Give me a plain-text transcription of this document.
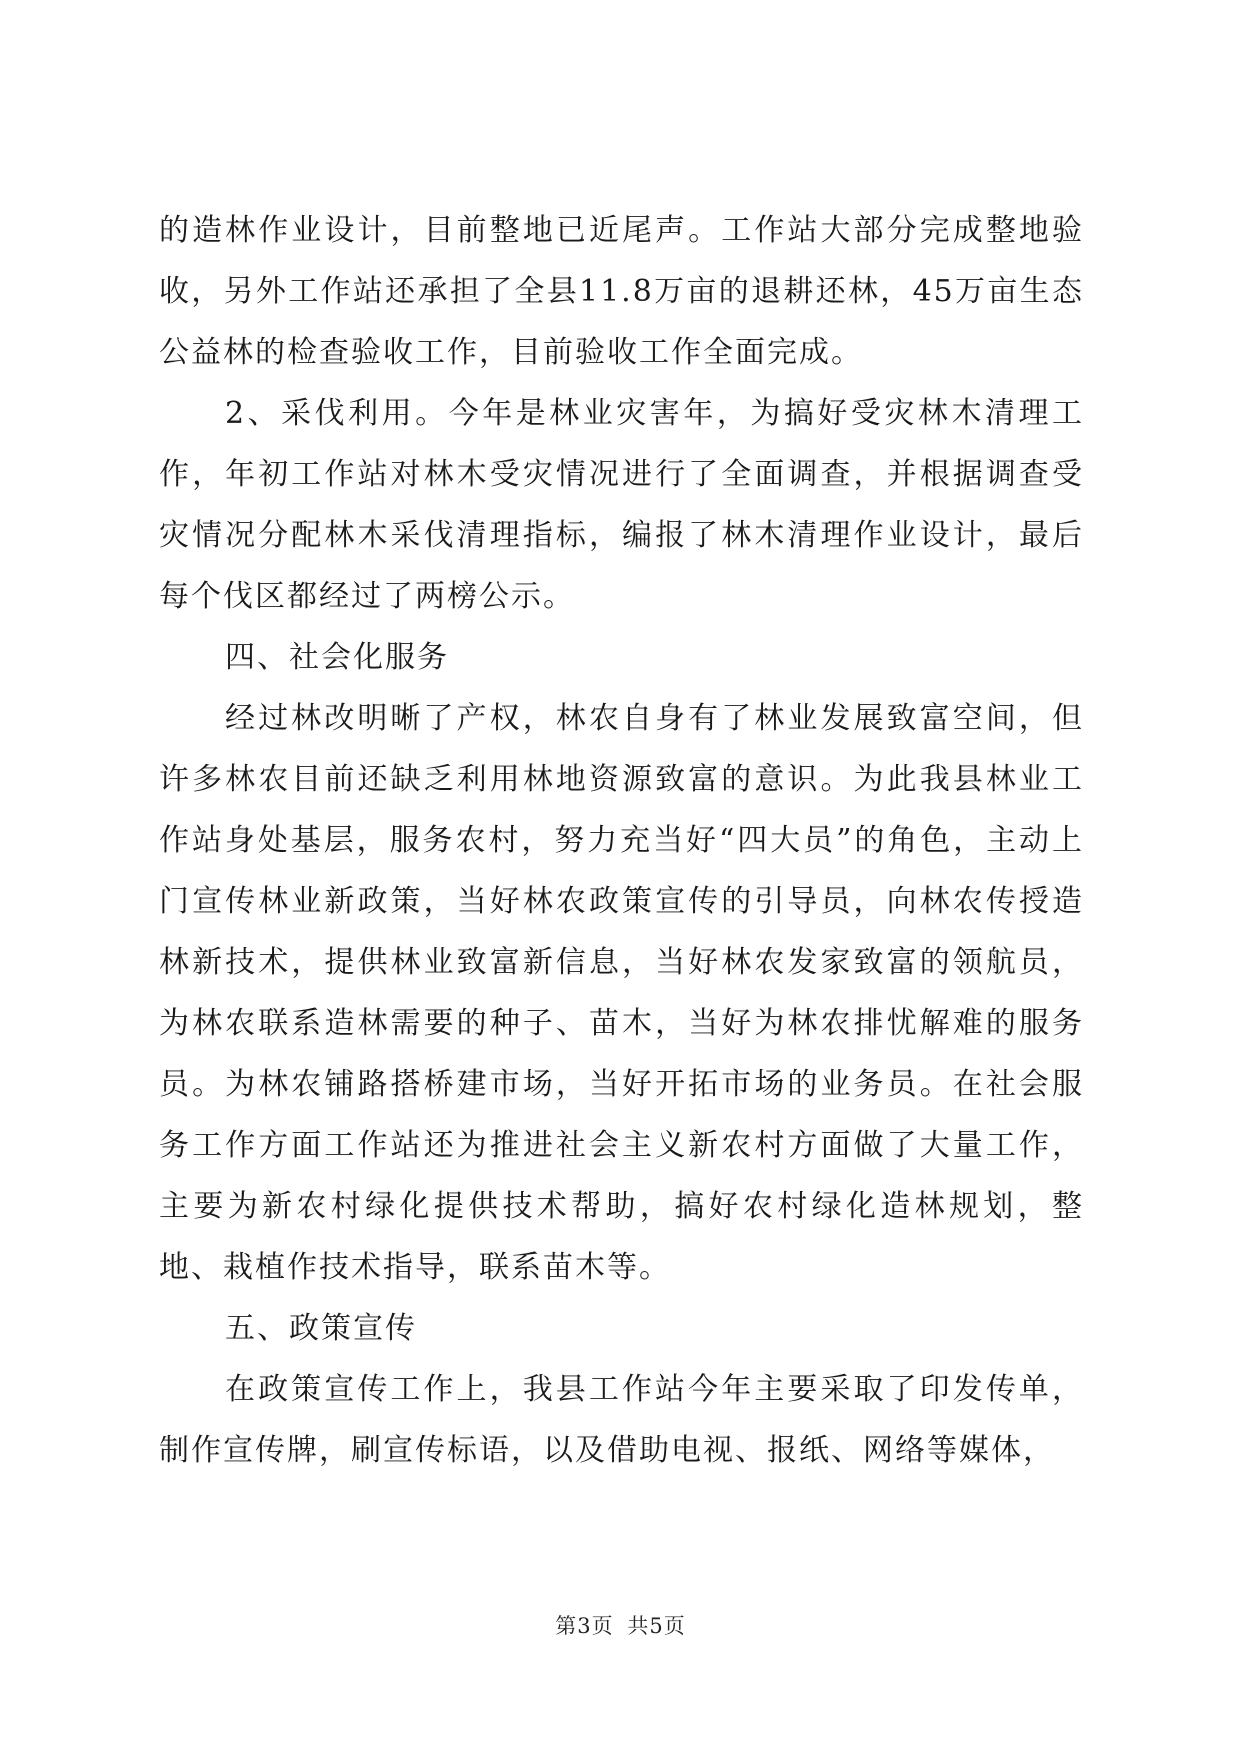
的造林作业设计，目前整地已近尾声。工作站大部分完成整地验收，另外工作站还承担了全县11.8万亩的退耕还林，45万亩生态公益林的检查验收工作，目前验收工作全面完成。

2、采伐利用。今年是林业灾害年，为搞好受灾林木清理工作，年初工作站对林木受灾情况进行了全面调查，并根据调查受灾情况分配林木采伐清理指标，编报了林木清理作业设计，最后每个伐区都经过了两榜公示。

四、社会化服务

经过林改明晰了产权，林农自身有了林业发展致富空间，但许多林农目前还缺乏利用林地资源致富的意识。为此我县林业工作站身处基层，服务农村，努力充当好“四大员”的角色，主动上门宣传林业新政策，当好林农政策宣传的引导员，向林农传授造林新技术，提供林业致富新信息，当好林农发家致富的领航员，为林农联系造林需要的种子、苗木，当好为林农排忧解难的服务员。为林农铺路搭桥建市场，当好开拓市场的业务员。在社会服务工作方面工作站还为推进社会主义新农村方面做了大量工作，主要为新农村绿化提供技术帮助，搞好农村绿化造林规划，整地、栽植作技术指导，联系苗木等。

五、政策宣传

在政策宣传工作上，我县工作站今年主要采取了印发传单，制作宣传牌，刷宣传标语，以及借助电视、报纸、网络等媒体，

第3页 共5页
